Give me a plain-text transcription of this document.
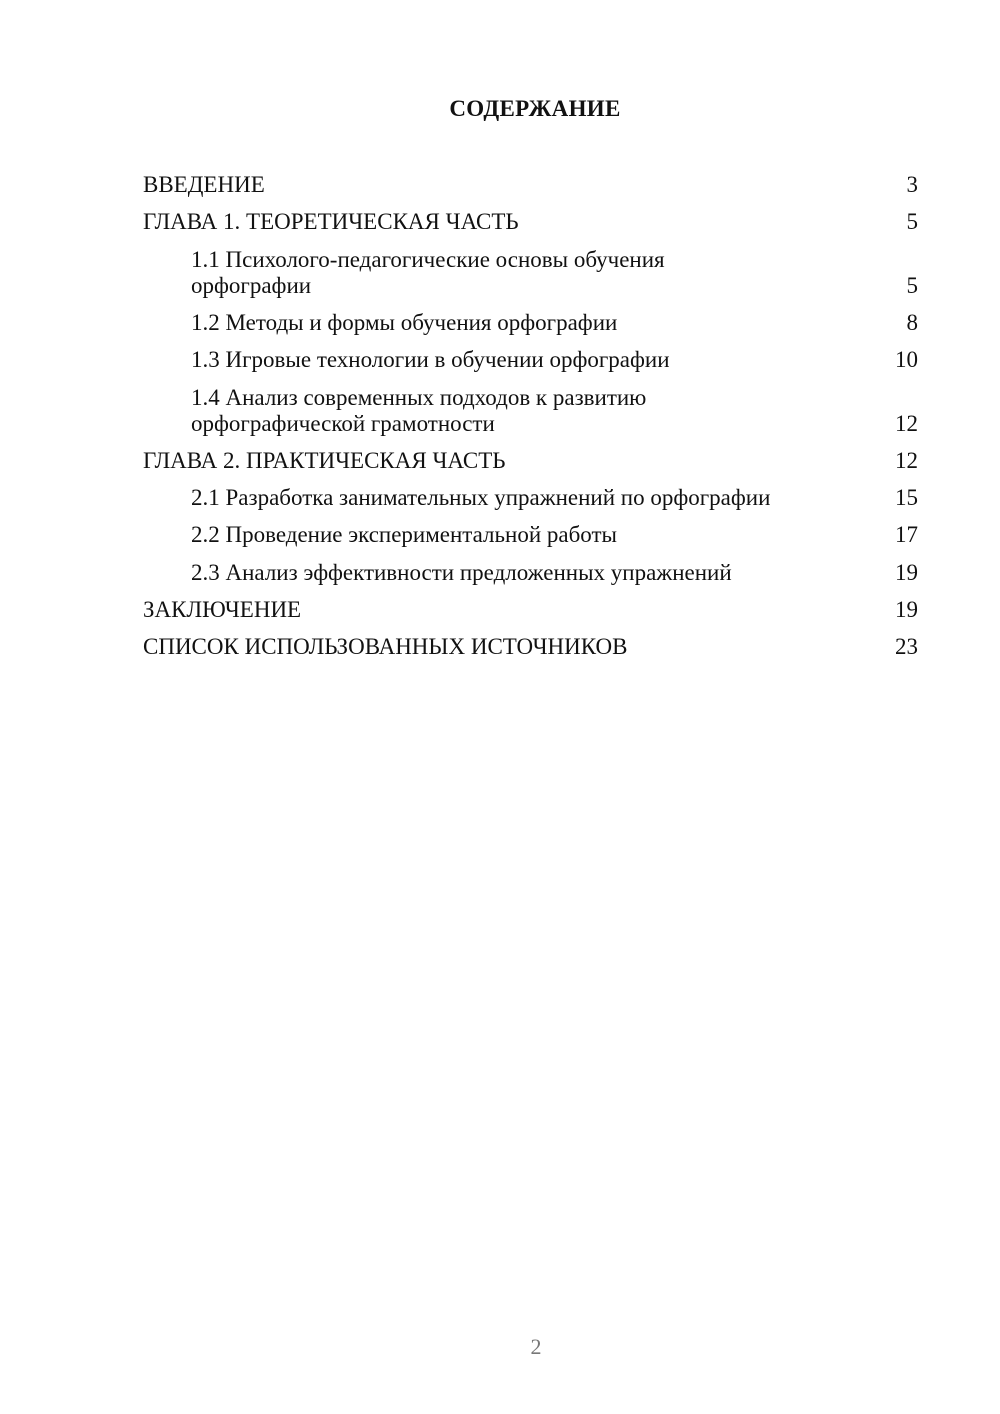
СОДЕРЖАНИЕ
ВВЕДЕНИЕ	3
ГЛАВА 1. ТЕОРЕТИЧЕСКАЯ ЧАСТЬ	5
1.1 Психолого-педагогические основы обучения
орфографии	5
1.2 Методы и формы обучения орфографии	8
1.3 Игровые технологии в обучении орфографии	10
1.4 Анализ современных подходов к развитию
орфографической грамотности	12
ГЛАВА 2. ПРАКТИЧЕСКАЯ ЧАСТЬ	12
2.1 Разработка занимательных упражнений по орфографии	15
2.2 Проведение экспериментальной работы	17
2.3 Анализ эффективности предложенных упражнений	19
ЗАКЛЮЧЕНИЕ	19
СПИСОК ИСПОЛЬЗОВАННЫХ ИСТОЧНИКОВ	23
2
